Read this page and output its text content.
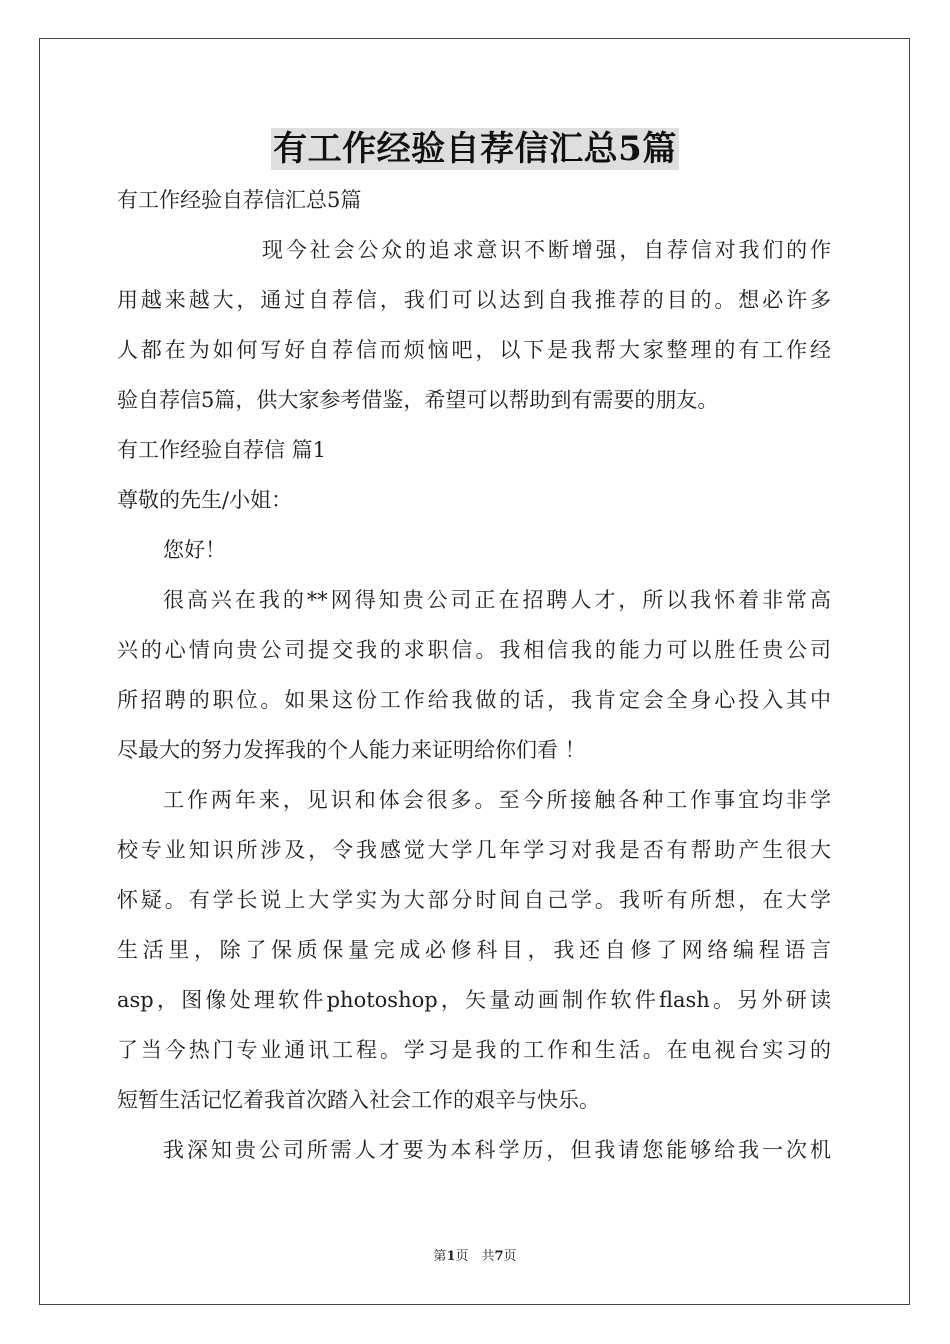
有工作经验自荐信汇总5篇
有工作经验自荐信汇总5篇
现今社会公众的追求意识不断增强，自荐信对我们的作
用越来越大，通过自荐信，我们可以达到自我推荐的目的。想必许多
人都在为如何写好自荐信而烦恼吧，以下是我帮大家整理的有工作经
验自荐信5篇，供大家参考借鉴，希望可以帮助到有需要的朋友。
有工作经验自荐信 篇1
尊敬的先生/小姐：
您好！
很高兴在我的**网得知贵公司正在招聘人才，所以我怀着非常高
兴的心情向贵公司提交我的求职信。我相信我的能力可以胜任贵公司
所招聘的职位。如果这份工作给我做的话，我肯定会全身心投入其中
尽最大的努力发挥我的个人能力来证明给你们看 ！
工作两年来，见识和体会很多。至今所接触各种工作事宜均非学
校专业知识所涉及，令我感觉大学几年学习对我是否有帮助产生很大
怀疑。有学长说上大学实为大部分时间自己学。我听有所想，在大学
生活里，除了保质保量完成必修科目，我还自修了网络编程语言
asp，图像处理软件photoshop，矢量动画制作软件flash。另外研读
了当今热门专业通讯工程。学习是我的工作和生活。在电视台实习的
短暂生活记忆着我首次踏入社会工作的艰辛与快乐。
我深知贵公司所需人才要为本科学历，但我请您能够给我一次机
第1页　共7页
